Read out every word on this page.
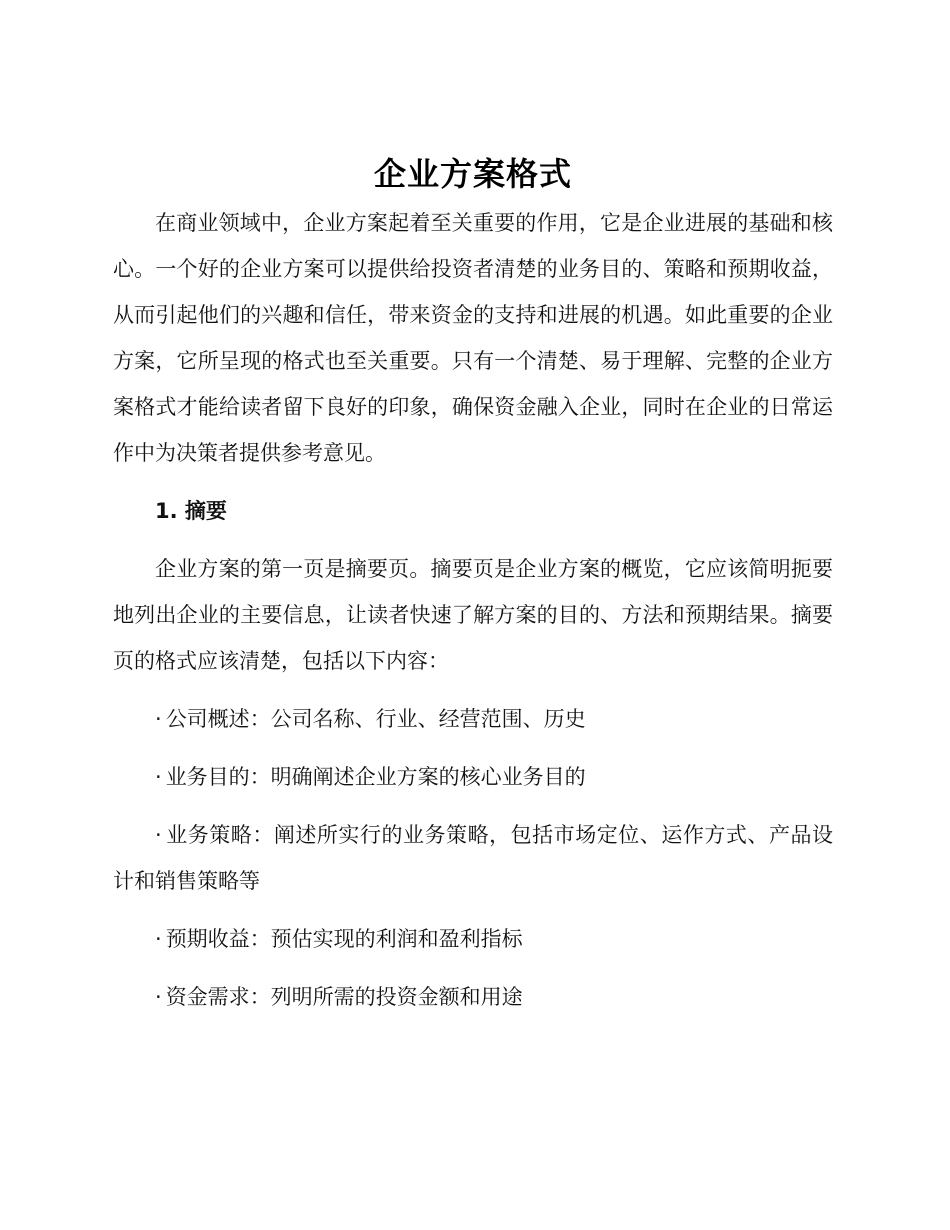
企业方案格式

在商业领域中，企业方案起着至关重要的作用，它是企业进展的基础和核心。一个好的企业方案可以提供给投资者清楚的业务目的、策略和预期收益，从而引起他们的兴趣和信任，带来资金的支持和进展的机遇。如此重要的企业方案，它所呈现的格式也至关重要。只有一个清楚、易于理解、完整的企业方案格式才能给读者留下良好的印象，确保资金融入企业，同时在企业的日常运作中为决策者提供参考意见。

1. 摘要

企业方案的第一页是摘要页。摘要页是企业方案的概览，它应该简明扼要地列出企业的主要信息，让读者快速了解方案的目的、方法和预期结果。摘要页的格式应该清楚，包括以下内容：

· 公司概述：公司名称、行业、经营范围、历史
· 业务目的：明确阐述企业方案的核心业务目的
· 业务策略：阐述所实行的业务策略，包括市场定位、运作方式、产品设计和销售策略等
· 预期收益：预估实现的利润和盈利指标
· 资金需求：列明所需的投资金额和用途
